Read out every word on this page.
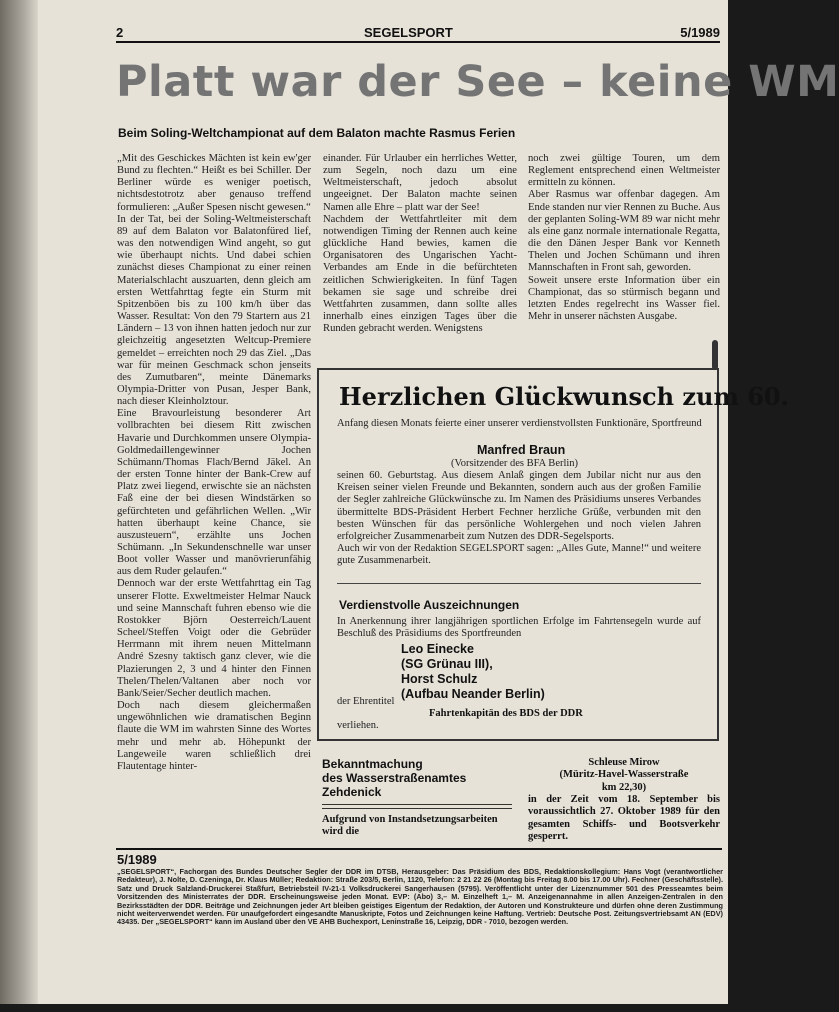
2	SEGELSPORT	5/1989
Platt war der See – keine WM
Beim Soling-Weltchampionat auf dem Balaton machte Rasmus Ferien

„Mit des Geschickes Mächten ist kein ew'ger Bund zu flechten.“ Heißt es bei Schiller. Der Berliner würde es weniger poetisch, nichtsdestotrotz aber genauso treffend formulieren: „Außer Spesen nischt gewesen.“
In der Tat, bei der Soling-Weltmeisterschaft 89 auf dem Balaton vor Balatonfüred lief, was den notwendigen Wind angeht, so gut wie überhaupt nichts. Und dabei schien zunächst dieses Championat zu einer reinen Materialschlacht auszuarten, denn gleich am ersten Wettfahrttag fegte ein Sturm mit Spitzenböen bis zu 100 km/h über das Wasser. Resultat: Von den 79 Startern aus 21 Ländern – 13 von ihnen hatten jedoch nur zur gleichzeitig angesetzten Weltcup-Premiere gemeldet – erreichten noch 29 das Ziel. „Das war für meinen Geschmack schon jenseits des Zumutbaren“, meinte Dänemarks Olympia-Dritter von Pusan, Jesper Bank, nach dieser Kleinholztour.
Eine Bravourleistung besonderer Art vollbrachten bei diesem Ritt zwischen Havarie und Durchkommen unsere Olympia-Goldmedaillengewinner Jochen Schümann/Thomas Flach/Bernd Jäkel. An der ersten Tonne hinter der Bank-Crew auf Platz zwei liegend, erwischte sie an nächsten Faß eine der bei diesen Windstärken so gefürchteten und gefährlichen Wellen. „Wir hatten überhaupt keine Chance, sie auszusteuern“, erzählte uns Jochen Schümann. „In Sekundenschnelle war unser Boot voller Wasser und manövrierunfähig aus dem Ruder gelaufen.“
Dennoch war der erste Wettfahrttag ein Tag unserer Flotte. Exweltmeister Helmar Nauck und seine Mannschaft fuhren ebenso wie die Rostokker Björn Oesterreich/Lauent Scheel/Steffen Voigt oder die Gebrüder Herrmann mit ihrem neuen Mittelmann André Szesny taktisch ganz clever, wie die Plazierungen 2, 3 und 4 hinter den Finnen Thelen/Thelen/Valtanen aber noch vor Bank/Seier/Secher deutlich machen.
Doch nach diesem gleichermaßen ungewöhnlichen wie dramatischen Beginn flaute die WM im wahrsten Sinne des Wortes mehr und mehr ab. Höhepunkt der Langeweile waren schließlich drei Flautentage hinter-

einander. Für Urlauber ein herrliches Wetter, zum Segeln, noch dazu um eine Weltmeisterschaft, jedoch absolut ungeeignet. Der Balaton machte seinen Namen alle Ehre – platt war der See!
Nachdem der Wettfahrtleiter mit dem notwendigen Timing der Rennen auch keine glückliche Hand bewies, kamen die Organisatoren des Ungarischen Yacht-Verbandes am Ende in die befürchteten zeitlichen Schwierigkeiten. In fünf Tagen bekamen sie sage und schreibe drei Wettfahrten zusammen, dann sollte alles innerhalb eines einzigen Tages über die Runden gebracht werden. Wenigstens

noch zwei gültige Touren, um dem Reglement entsprechend einen Weltmeister ermitteln zu können.
Aber Rasmus war offenbar dagegen. Am Ende standen nur vier Rennen zu Buche. Aus der geplanten Soling-WM 89 war nicht mehr als eine ganz normale internationale Regatta, die den Dänen Jesper Bank vor Kenneth Thelen und Jochen Schümann und ihren Mannschaften in Front sah, geworden.
Soweit unsere erste Information über ein Championat, das so stürmisch begann und letzten Endes regelrecht ins Wasser fiel. Mehr in unserer nächsten Ausgabe.

Herzlichen Glückwunsch zum 60.
Anfang diesen Monats feierte einer unserer verdienstvollsten Funktionäre, Sportfreund
Manfred Braun
(Vorsitzender des BFA Berlin)
seinen 60. Geburtstag. Aus diesem Anlaß gingen dem Jubilar nicht nur aus den Kreisen seiner vielen Freunde und Bekannten, sondern auch aus der großen Familie der Segler zahlreiche Glückwünsche zu. Im Namen des Präsidiums unseres Verbandes übermittelte BDS-Präsident Herbert Fechner herzliche Grüße, verbunden mit den besten Wünschen für das persönliche Wohlergehen und noch vielen Jahren erfolgreicher Zusammenarbeit zum Nutzen des DDR-Segelsports.
Auch wir von der Redaktion SEGELSPORT sagen: „Alles Gute, Manne!“ und weitere gute Zusammenarbeit.
Verdienstvolle Auszeichnungen
In Anerkennung ihrer langjährigen sportlichen Erfolge im Fahrtensegeln wurde auf Beschluß des Präsidiums des Sportfreunden
Leo Einecke
(SG Grünau III),
Horst Schulz
(Aufbau Neander Berlin)
der Ehrentitel
Fahrtenkapitän des BDS der DDR
verliehen.
Bekanntmachung
des Wasserstraßenamtes
Zehdenick
Aufgrund von Instandsetzungsarbeiten wird die
Schleuse Mirow
(Müritz-Havel-Wasserstraße
km 22,30)
in der Zeit vom 18. September bis voraussichtlich 27. Oktober 1989 für den gesamten Schiffs- und Bootsverkehr gesperrt.
5/1989
„SEGELSPORT“, Fachorgan des Bundes Deutscher Segler der DDR im DTSB, Herausgeber: Das Präsidium des BDS, Redaktionskollegium: Hans Vogt (verantwortlicher Redakteur), J. Nolte, D. Czeninga, Dr. Klaus Müller; Redaktion: Straße 203/5, Berlin, 1120, Telefon: 2 21 22 26 (Montag bis Freitag 8.00 bis 17.00 Uhr). Fechner (Geschäftsstelle). Satz und Druck Salzland-Druckerei Staßfurt, Betriebsteil IV-21-1 Volksdruckerei Sangerhausen (5795). Veröffentlicht unter der Lizenznummer 501 des Presseamtes beim Vorsitzenden des Ministerrates der DDR. Erscheinungsweise jeden Monat. EVP: (Abo) 3,– M. Einzelheft 1,– M. Anzeigenannahme in allen Anzeigen-Zentralen in den Bezirksstädten der DDR. Beiträge und Zeichnungen jeder Art bleiben geistiges Eigentum der Redaktion, der Autoren und Konstrukteure und dürfen ohne deren Zustimmung nicht weiterverwendet werden. Für unaufgefordert eingesandte Manuskripte, Fotos und Zeichnungen keine Haftung. Vertrieb: Deutsche Post. Zeitungsvertriebsamt AN (EDV) 43435. Der „SEGELSPORT“ kann im Ausland über den VE AHB Buchexport, Leninstraße 16, Leipzig, DDR - 7010, bezogen werden.
